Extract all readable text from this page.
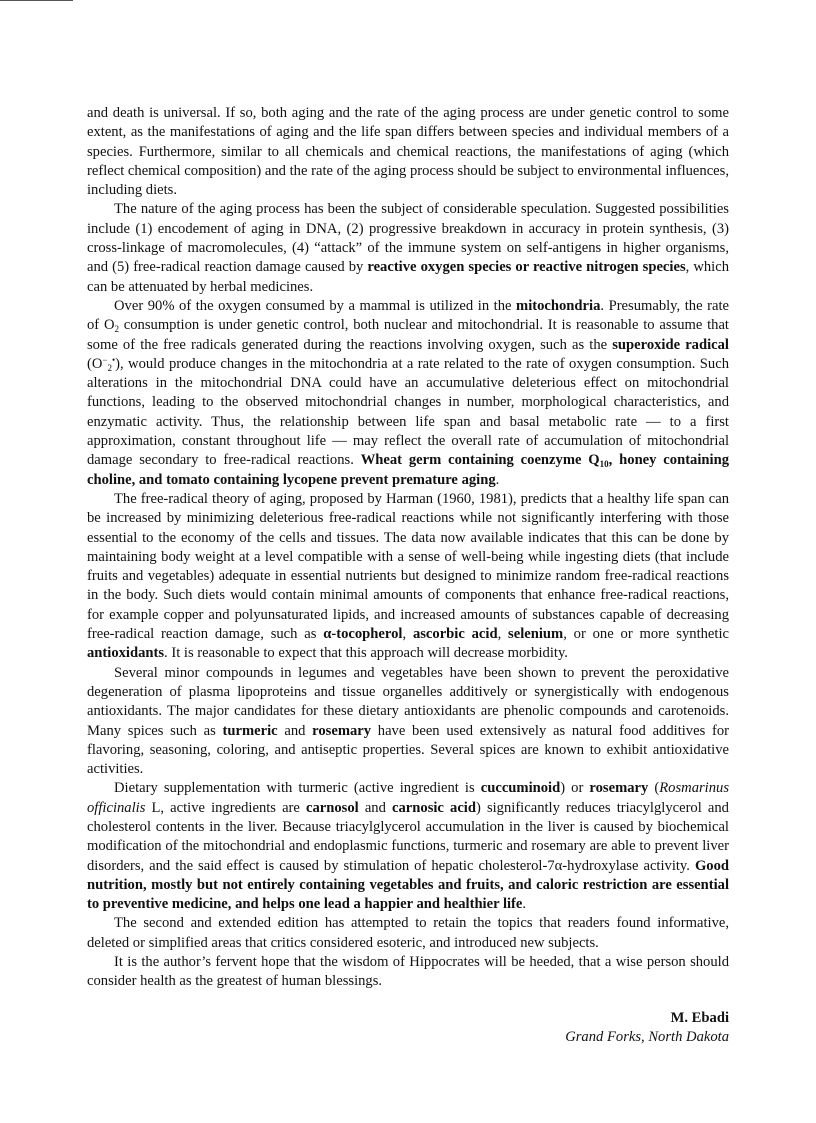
and death is universal. If so, both aging and the rate of the aging process are under genetic control to some extent, as the manifestations of aging and the life span differs between species and individual members of a species. Furthermore, similar to all chemicals and chemical reactions, the manifestations of aging (which reflect chemical composition) and the rate of the aging process should be subject to environmental influences, including diets.

The nature of the aging process has been the subject of considerable speculation. Suggested possibilities include (1) encodement of aging in DNA, (2) progressive breakdown in accuracy in protein synthesis, (3) cross-linkage of macromolecules, (4) “attack” of the immune system on self-antigens in higher organisms, and (5) free-radical reaction damage caused by reactive oxygen species or reactive nitrogen species, which can be attenuated by herbal medicines.

Over 90% of the oxygen consumed by a mammal is utilized in the mitochondria. Presumably, the rate of $O_2$ consumption is under genetic control, both nuclear and mitochondrial. It is reasonable to assume that some of the free radicals generated during the reactions involving oxygen, such as the superoxide radical $(O^-_2^•)$, would produce changes in the mitochondria at a rate related to the rate of oxygen consumption. Such alterations in the mitochondrial DNA could have an accumulative deleterious effect on mitochondrial functions, leading to the observed mitochondrial changes in number, morphological characteristics, and enzymatic activity. Thus, the relationship between life span and basal metabolic rate — to a first approximation, constant throughout life — may reflect the overall rate of accumulation of mitochondrial damage secondary to free-radical reactions. Wheat germ containing coenzyme $Q_{10}$, honey containing choline, and tomato containing lycopene prevent premature aging.

The free-radical theory of aging, proposed by Harman (1960, 1981), predicts that a healthy life span can be increased by minimizing deleterious free-radical reactions while not significantly interfering with those essential to the economy of the cells and tissues. The data now available indicates that this can be done by maintaining body weight at a level compatible with a sense of well-being while ingesting diets (that include fruits and vegetables) adequate in essential nutrients but designed to minimize random free-radical reactions in the body. Such diets would contain minimal amounts of components that enhance free-radical reactions, for example copper and polyunsaturated lipids, and increased amounts of substances capable of decreasing free-radical reaction damage, such as α-tocopherol, ascorbic acid, selenium, or one or more synthetic antioxidants. It is reasonable to expect that this approach will decrease morbidity.

Several minor compounds in legumes and vegetables have been shown to prevent the peroxidative degeneration of plasma lipoproteins and tissue organelles additively or synergistically with endogenous antioxidants. The major candidates for these dietary antioxidants are phenolic compounds and carotenoids. Many spices such as turmeric and rosemary have been used extensively as natural food additives for flavoring, seasoning, coloring, and antiseptic properties. Several spices are known to exhibit antioxidative activities.

Dietary supplementation with turmeric (active ingredient is cuccuminoid) or rosemary (Rosmarinus officinalis L, active ingredients are carnosol and carnosic acid) significantly reduces triacylglycerol and cholesterol contents in the liver. Because triacylglycerol accumulation in the liver is caused by biochemical modification of the mitochondrial and endoplasmic functions, turmeric and rosemary are able to prevent liver disorders, and the said effect is caused by stimulation of hepatic cholesterol-7α-hydroxylase activity. Good nutrition, mostly but not entirely containing vegetables and fruits, and caloric restriction are essential to preventive medicine, and helps one lead a happier and healthier life.

The second and extended edition has attempted to retain the topics that readers found informative, deleted or simplified areas that critics considered esoteric, and introduced new subjects.

It is the author’s fervent hope that the wisdom of Hippocrates will be heeded, that a wise person should consider health as the greatest of human blessings.

M. Ebadi
Grand Forks, North Dakota
